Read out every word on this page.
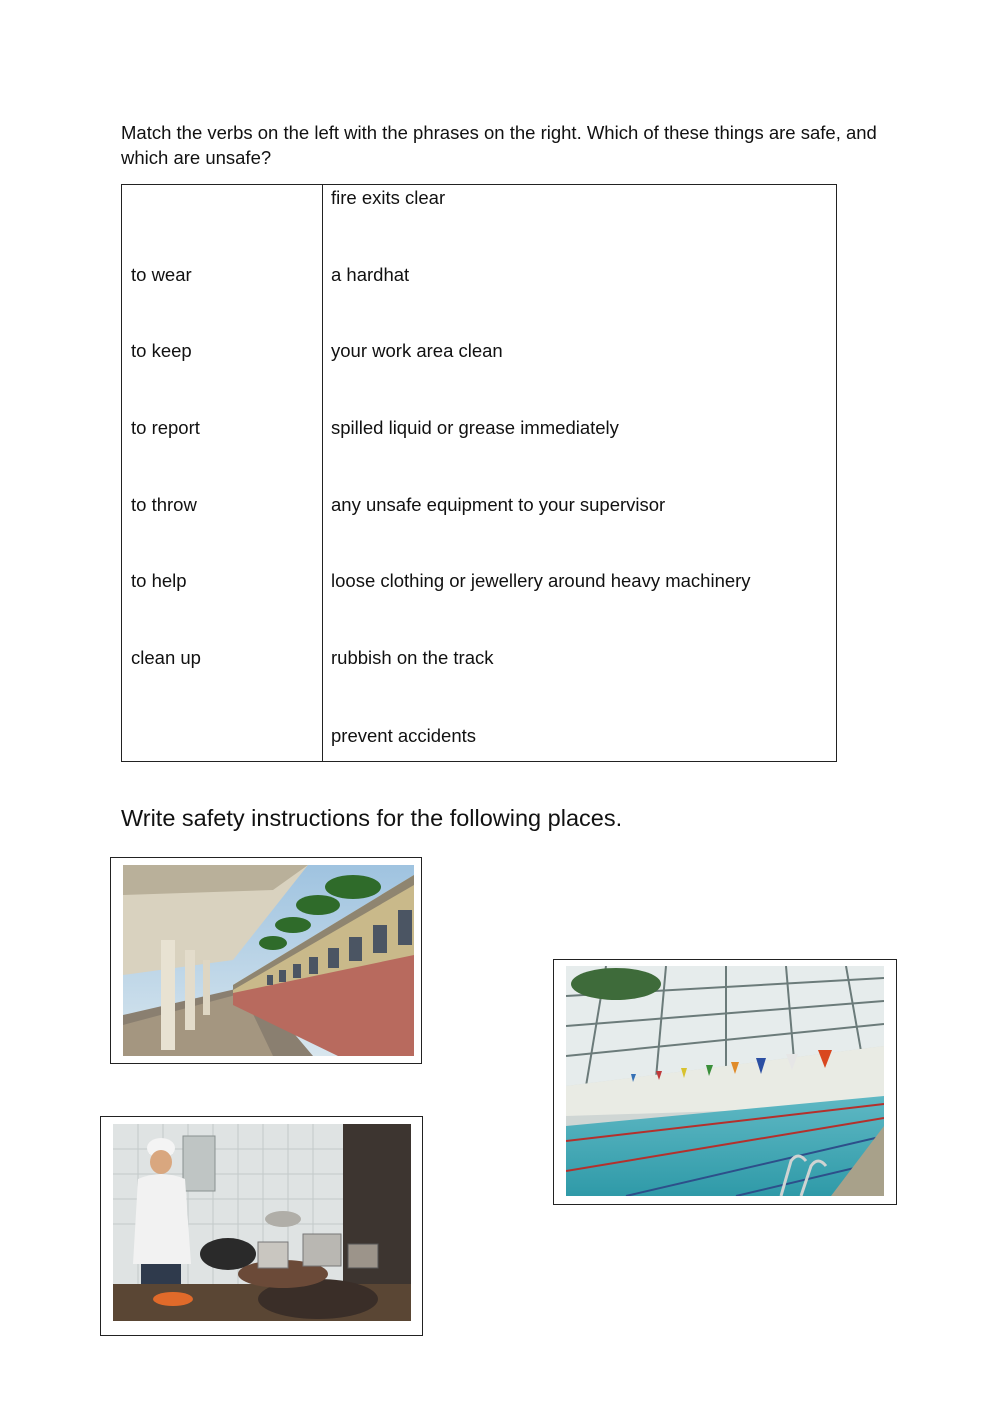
Match the verbs on the left with the phrases on the right. Which of these things are safe, and which are unsafe?

to wear
to keep
to report
to throw
to help
clean up
fire exits clear
a hardhat
your work area clean
spilled liquid or grease immediately
any unsafe equipment to your supervisor
loose clothing or jewellery around heavy machinery
rubbish on the track
prevent accidents
Write safety instructions for the following places.
